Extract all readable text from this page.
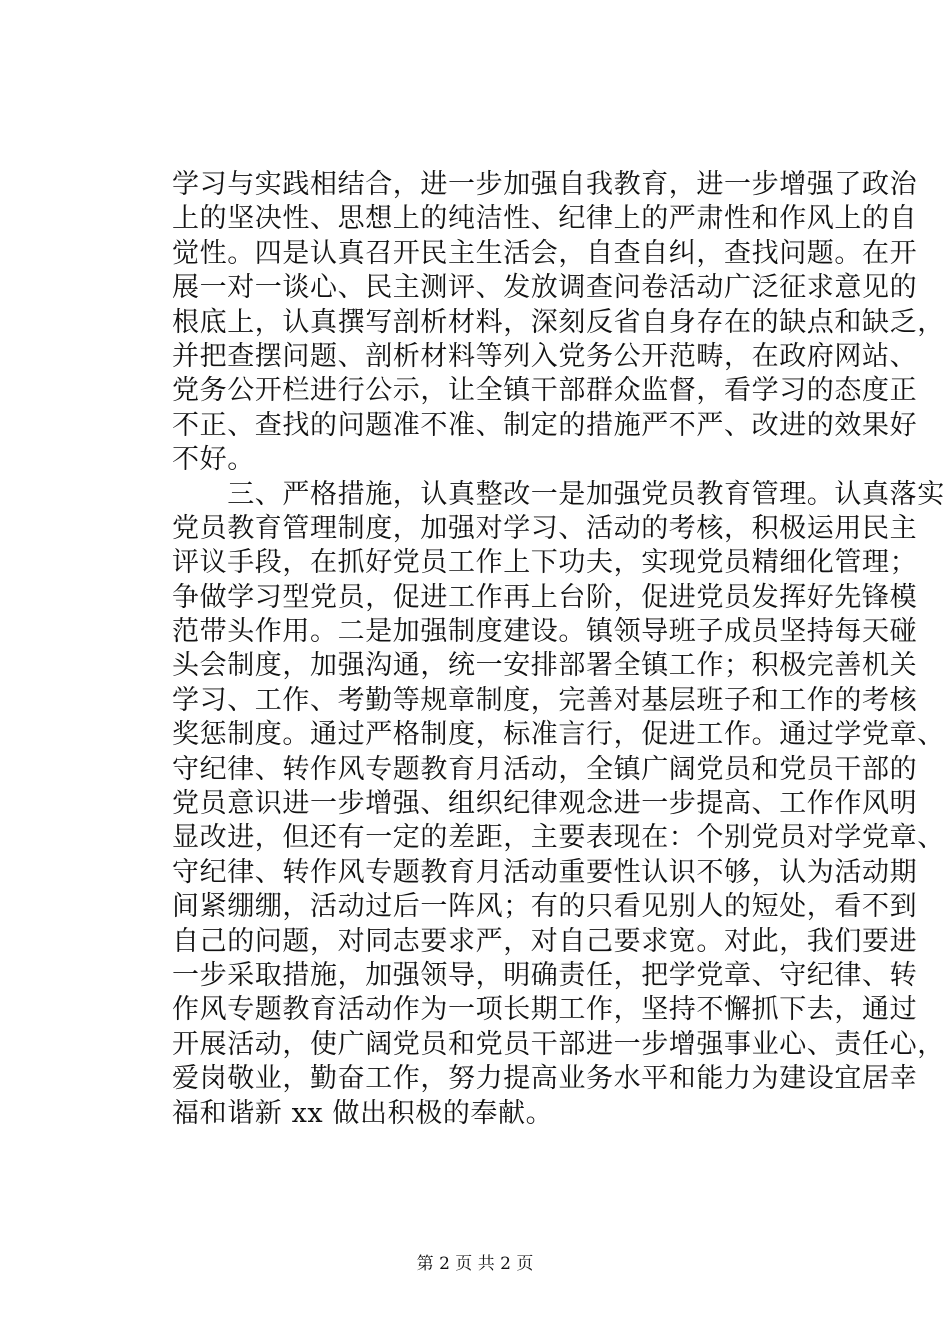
学习与实践相结合，进一步加强自我教育，进一步增强了政治
上的坚决性、思想上的纯洁性、纪律上的严肃性和作风上的自
觉性。四是认真召开民主生活会，自查自纠，查找问题。在开
展一对一谈心、民主测评、发放调查问卷活动广泛征求意见的
根底上，认真撰写剖析材料，深刻反省自身存在的缺点和缺乏，
并把查摆问题、剖析材料等列入党务公开范畴，在政府网站、
党务公开栏进行公示，让全镇干部群众监督，看学习的态度正
不正、查找的问题准不准、制定的措施严不严、改进的效果好
不好。
　　三、严格措施，认真整改一是加强党员教育管理。认真落实
党员教育管理制度，加强对学习、活动的考核，积极运用民主
评议手段，在抓好党员工作上下功夫，实现党员精细化管理；
争做学习型党员，促进工作再上台阶，促进党员发挥好先锋模
范带头作用。二是加强制度建设。镇领导班子成员坚持每天碰
头会制度，加强沟通，统一安排部署全镇工作；积极完善机关
学习、工作、考勤等规章制度，完善对基层班子和工作的考核
奖惩制度。通过严格制度，标准言行，促进工作。通过学党章、
守纪律、转作风专题教育月活动，全镇广阔党员和党员干部的
党员意识进一步增强、组织纪律观念进一步提高、工作作风明
显改进，但还有一定的差距，主要表现在：个别党员对学党章、
守纪律、转作风专题教育月活动重要性认识不够，认为活动期
间紧绷绷，活动过后一阵风；有的只看见别人的短处，看不到
自己的问题，对同志要求严，对自己要求宽。对此，我们要进
一步采取措施，加强领导，明确责任，把学党章、守纪律、转
作风专题教育活动作为一项长期工作，坚持不懈抓下去，通过
开展活动，使广阔党员和党员干部进一步增强事业心、责任心，
爱岗敬业，勤奋工作，努力提高业务水平和能力为建设宜居幸
福和谐新 xx 做出积极的奉献。
第 2 页 共 2 页
